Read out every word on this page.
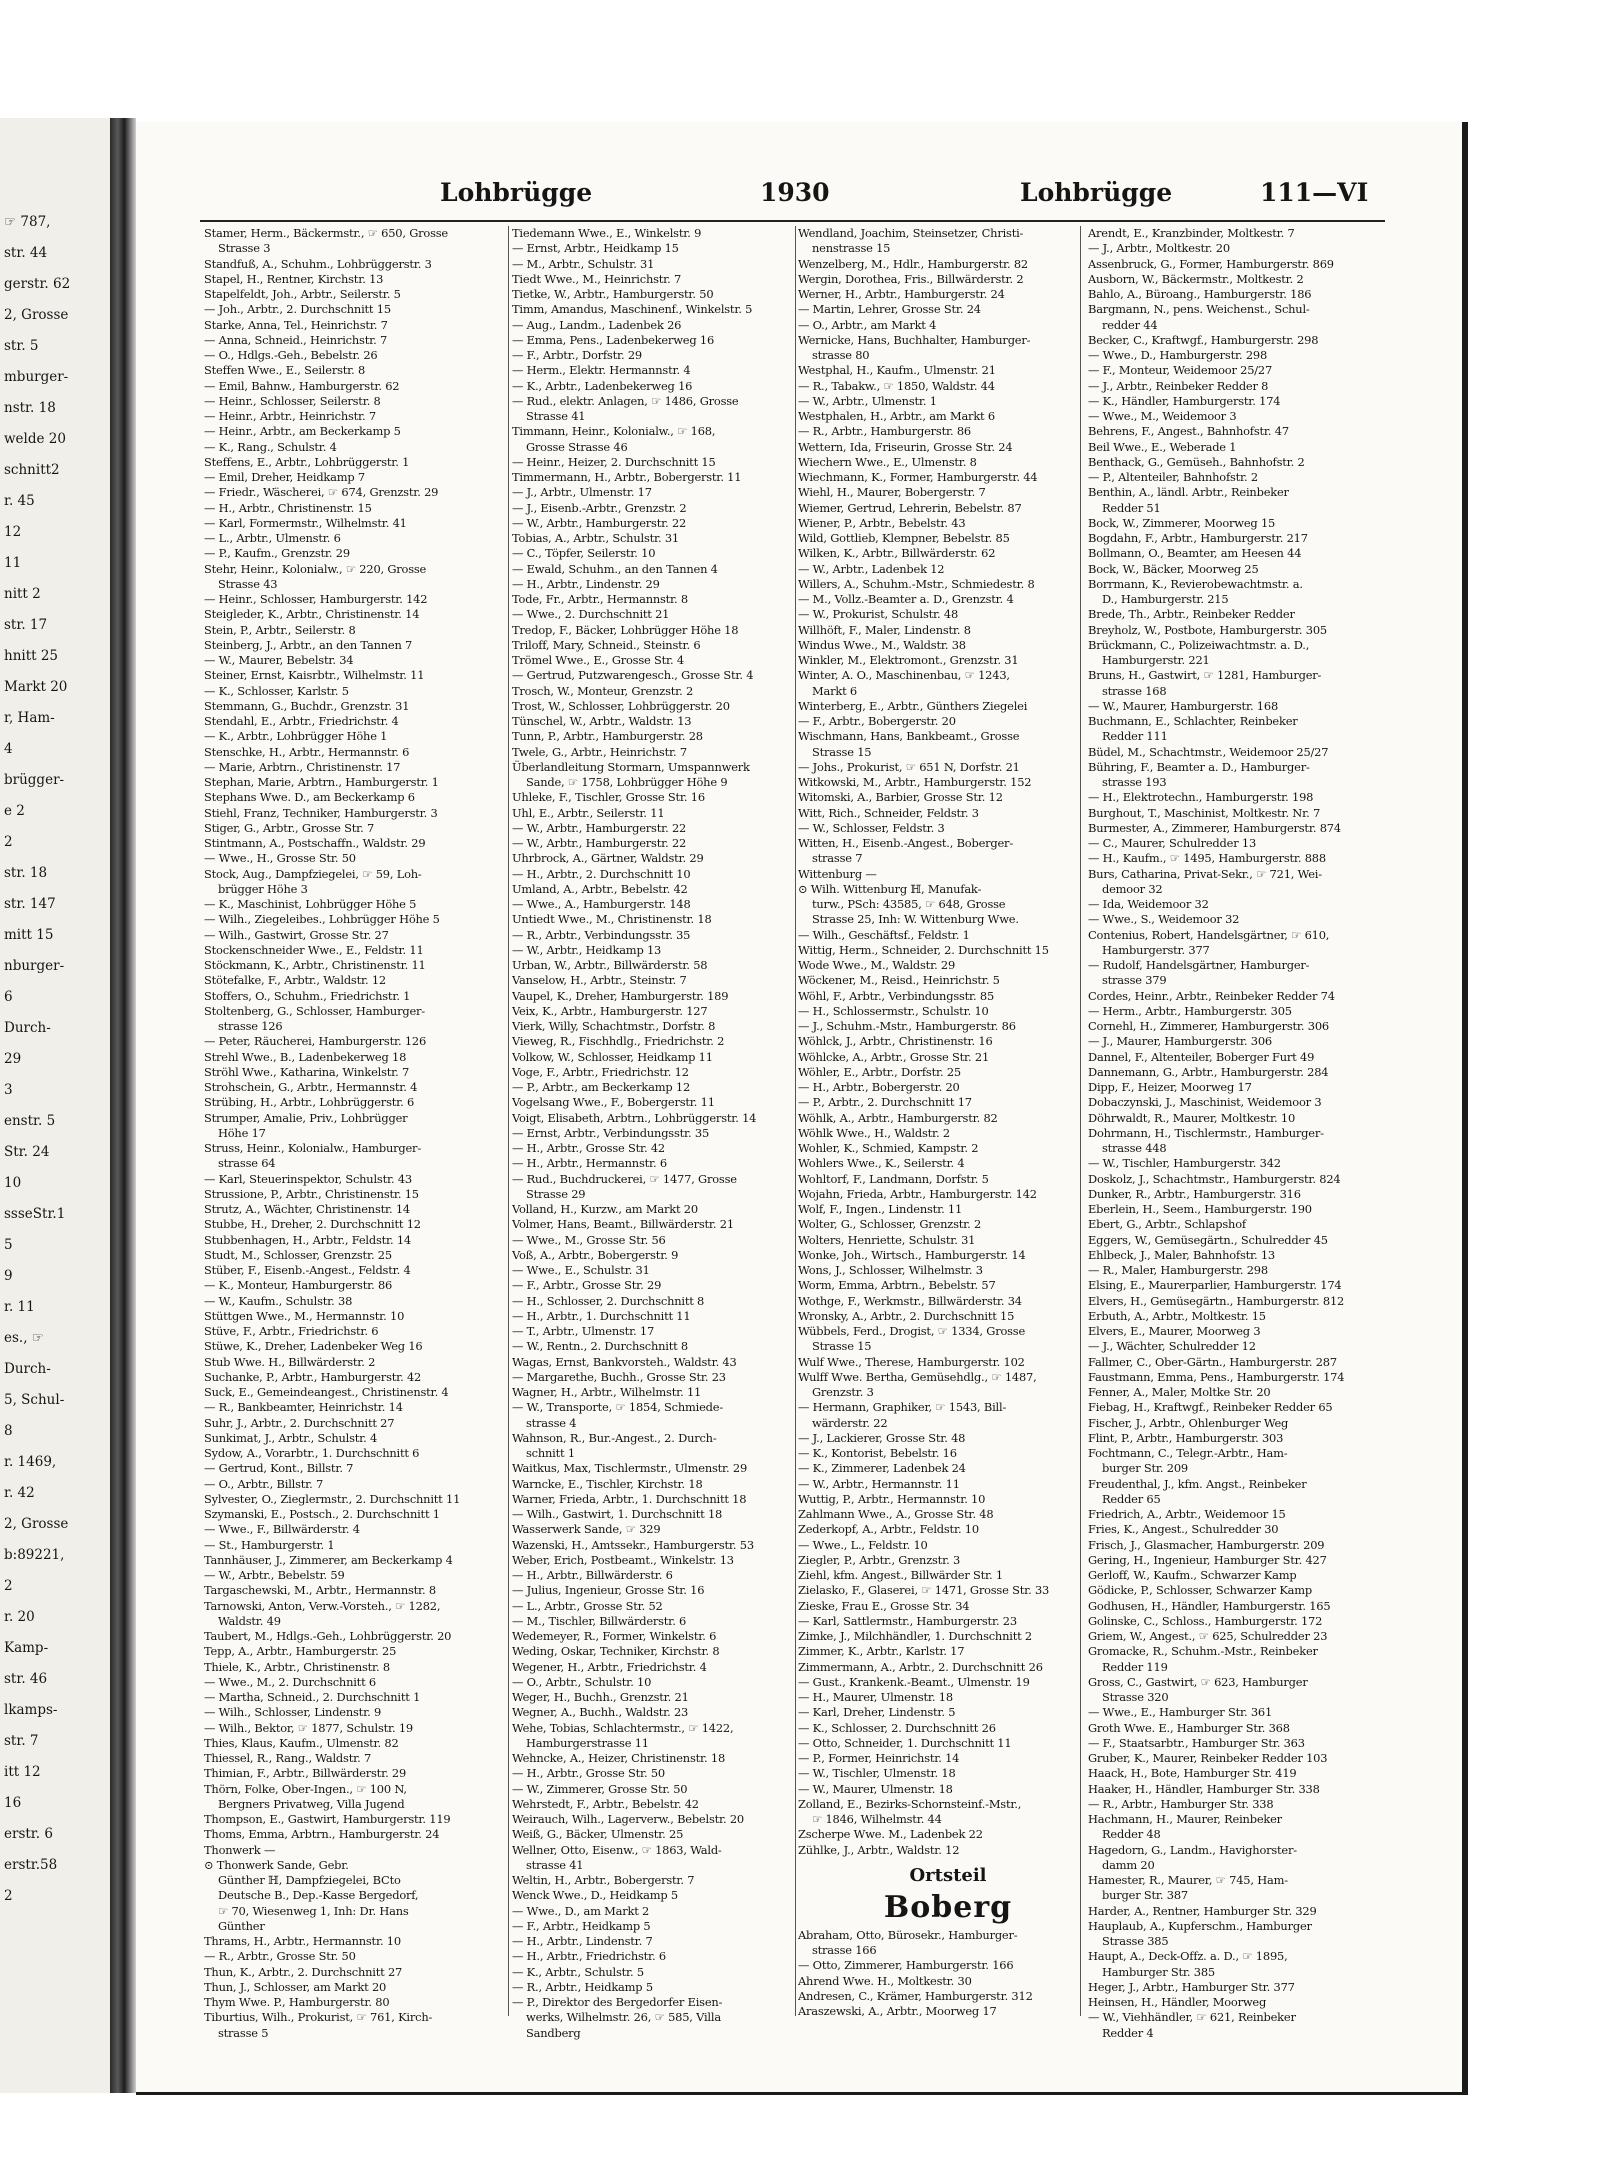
☞ 787,
str. 44
gerstr. 62
2, Grosse
str. 5
mburger-
nstr. 18
welde 20
schnitt2
r. 45
12
11
nitt 2
str. 17
hnitt 25
Markt 20
r, Ham-
4
brügger-
e 2
2
str. 18
str. 147
mitt 15
nburger-
6
Durch-
29
3
enstr. 5
Str. 24
10
ssseStr.1
5
9
r. 11
es., ☞
Durch-
5, Schul-
8
r. 1469,
r. 42
2, Grosse
b:89221,
2
r. 20
Kamp-
str. 46
lkamps-
str. 7
itt 12
16
erstr. 6
erstr.58
2
Lohbrügge	1930	Lohbrügge	111—VI
Stamer, Herm., Bäckermstr., ☞ 650, Grosse
Strasse 3
Standfuß, A., Schuhm., Lohbrüggerstr. 3
Stapel, H., Rentner, Kirchstr. 13
Stapelfeldt, Joh., Arbtr., Seilerstr. 5
— Joh., Arbtr., 2. Durchschnitt 15
Starke, Anna, Tel., Heinrichstr. 7
— Anna, Schneid., Heinrichstr. 7
— O., Hdlgs.-Geh., Bebelstr. 26
Steffen Wwe., E., Seilerstr. 8
— Emil, Bahnw., Hamburgerstr. 62
— Heinr., Schlosser, Seilerstr. 8
— Heinr., Arbtr., Heinrichstr. 7
— Heinr., Arbtr., am Beckerkamp 5
— K., Rang., Schulstr. 4
Steffens, E., Arbtr., Lohbrüggerstr. 1
— Emil, Dreher, Heidkamp 7
— Friedr., Wäscherei, ☞ 674, Grenzstr. 29
— H., Arbtr., Christinenstr. 15
— Karl, Formermstr., Wilhelmstr. 41
— L., Arbtr., Ulmenstr. 6
— P., Kaufm., Grenzstr. 29
Stehr, Heinr., Kolonialw., ☞ 220, Grosse
Strasse 43
— Heinr., Schlosser, Hamburgerstr. 142
Steigleder, K., Arbtr., Christinenstr. 14
Stein, P., Arbtr., Seilerstr. 8
Steinberg, J., Arbtr., an den Tannen 7
— W., Maurer, Bebelstr. 34
Steiner, Ernst, Kaisrbtr., Wilhelmstr. 11
— K., Schlosser, Karlstr. 5
Stemmann, G., Buchdr., Grenzstr. 31
Stendahl, E., Arbtr., Friedrichstr. 4
— K., Arbtr., Lohbrügger Höhe 1
Stenschke, H., Arbtr., Hermannstr. 6
— Marie, Arbtrn., Christinenstr. 17
Stephan, Marie, Arbtrn., Hamburgerstr. 1
Stephans Wwe. D., am Beckerkamp 6
Stiehl, Franz, Techniker, Hamburgerstr. 3
Stiger, G., Arbtr., Grosse Str. 7
Stintmann, A., Postschaffn., Waldstr. 29
— Wwe., H., Grosse Str. 50
Stock, Aug., Dampfziegelei, ☞ 59, Loh-
brügger Höhe 3
— K., Maschinist, Lohbrügger Höhe 5
— Wilh., Ziegeleibes., Lohbrügger Höhe 5
— Wilh., Gastwirt, Grosse Str. 27
Stockenschneider Wwe., E., Feldstr. 11
Stöckmann, K., Arbtr., Christinenstr. 11
Stötefalke, F., Arbtr., Waldstr. 12
Stoffers, O., Schuhm., Friedrichstr. 1
Stoltenberg, G., Schlosser, Hamburger-
strasse 126
— Peter, Räucherei, Hamburgerstr. 126
Strehl Wwe., B., Ladenbekerweg 18
Ströhl Wwe., Katharina, Winkelstr. 7
Strohschein, G., Arbtr., Hermannstr. 4
Strübing, H., Arbtr., Lohbrüggerstr. 6
Strumper, Amalie, Priv., Lohbrügger
Höhe 17
Struss, Heinr., Kolonialw., Hamburger-
strasse 64
— Karl, Steuerinspektor, Schulstr. 43
Strussione, P., Arbtr., Christinenstr. 15
Strutz, A., Wächter, Christinenstr. 14
Stubbe, H., Dreher, 2. Durchschnitt 12
Stubbenhagen, H., Arbtr., Feldstr. 14
Studt, M., Schlosser, Grenzstr. 25
Stüber, F., Eisenb.-Angest., Feldstr. 4
— K., Monteur, Hamburgerstr. 86
— W., Kaufm., Schulstr. 38
Stüttgen Wwe., M., Hermannstr. 10
Stüve, F., Arbtr., Friedrichstr. 6
Stüwe, K., Dreher, Ladenbeker Weg 16
Stub Wwe. H., Billwärderstr. 2
Suchanke, P., Arbtr., Hamburgerstr. 42
Suck, E., Gemeindeangest., Christinenstr. 4
— R., Bankbeamter, Heinrichstr. 14
Suhr, J., Arbtr., 2. Durchschnitt 27
Sunkimat, J., Arbtr., Schulstr. 4
Sydow, A., Vorarbtr., 1. Durchschnitt 6
— Gertrud, Kont., Billstr. 7
— O., Arbtr., Billstr. 7
Sylvester, O., Zieglermstr., 2. Durchschnitt 11
Szymanski, E., Postsch., 2. Durchschnitt 1
— Wwe., F., Billwärderstr. 4
— St., Hamburgerstr. 1
Tannhäuser, J., Zimmerer, am Beckerkamp 4
— W., Arbtr., Bebelstr. 59
Targaschewski, M., Arbtr., Hermannstr. 8
Tarnowski, Anton, Verw.-Vorsteh., ☞ 1282,
Waldstr. 49
Taubert, M., Hdlgs.-Geh., Lohbrüggerstr. 20
Tepp, A., Arbtr., Hamburgerstr. 25
Thiele, K., Arbtr., Christinenstr. 8
— Wwe., M., 2. Durchschnitt 6
— Martha, Schneid., 2. Durchschnitt 1
— Wilh., Schlosser, Lindenstr. 9
— Wilh., Bektor, ☞ 1877, Schulstr. 19
Thies, Klaus, Kaufm., Ulmenstr. 82
Thiessel, R., Rang., Waldstr. 7
Thimian, F., Arbtr., Billwärderstr. 29
Thörn, Folke, Ober-Ingen., ☞ 100 N,
Bergners Privatweg, Villa Jugend
Thompson, E., Gastwirt, Hamburgerstr. 119
Thoms, Emma, Arbtrn., Hamburgerstr. 24
Thonwerk —
⊙ Thonwerk Sande, Gebr.
Günther ℍ, Dampfziegelei, BCto
Deutsche B., Dep.-Kasse Bergedorf,
☞ 70, Wiesenweg 1, Inh: Dr. Hans
Günther
Thrams, H., Arbtr., Hermannstr. 10
— R., Arbtr., Grosse Str. 50
Thun, K., Arbtr., 2. Durchschnitt 27
Thun, J., Schlosser, am Markt 20
Thym Wwe. P., Hamburgerstr. 80
Tiburtius, Wilh., Prokurist, ☞ 761, Kirch-
strasse 5
Tiedemann Wwe., E., Winkelstr. 9
— Ernst, Arbtr., Heidkamp 15
— M., Arbtr., Schulstr. 31
Tiedt Wwe., M., Heinrichstr. 7
Tietke, W., Arbtr., Hamburgerstr. 50
Timm, Amandus, Maschinenf., Winkelstr. 5
— Aug., Landm., Ladenbek 26
— Emma, Pens., Ladenbekerweg 16
— F., Arbtr., Dorfstr. 29
— Herm., Elektr. Hermannstr. 4
— K., Arbtr., Ladenbekerweg 16
— Rud., elektr. Anlagen, ☞ 1486, Grosse
Strasse 41
Timmann, Heinr., Kolonialw., ☞ 168,
Grosse Strasse 46
— Heinr., Heizer, 2. Durchschnitt 15
Timmermann, H., Arbtr., Bobergerstr. 11
— J., Arbtr., Ulmenstr. 17
— J., Eisenb.-Arbtr., Grenzstr. 2
— W., Arbtr., Hamburgerstr. 22
Tobias, A., Arbtr., Schulstr. 31
— C., Töpfer, Seilerstr. 10
— Ewald, Schuhm., an den Tannen 4
— H., Arbtr., Lindenstr. 29
Tode, Fr., Arbtr., Hermannstr. 8
— Wwe., 2. Durchschnitt 21
Tredop, F., Bäcker, Lohbrügger Höhe 18
Triloff, Mary, Schneid., Steinstr. 6
Trömel Wwe., E., Grosse Str. 4
— Gertrud, Putzwarengesch., Grosse Str. 4
Trosch, W., Monteur, Grenzstr. 2
Trost, W., Schlosser, Lohbrüggerstr. 20
Tünschel, W., Arbtr., Waldstr. 13
Tunn, P., Arbtr., Hamburgerstr. 28
Twele, G., Arbtr., Heinrichstr. 7
Überlandleitung Stormarn, Umspannwerk
Sande, ☞ 1758, Lohbrügger Höhe 9
Uhleke, F., Tischler, Grosse Str. 16
Uhl, E., Arbtr., Seilerstr. 11
— W., Arbtr., Hamburgerstr. 22
— W., Arbtr., Hamburgerstr. 22
Uhrbrock, A., Gärtner, Waldstr. 29
— H., Arbtr., 2. Durchschnitt 10
Umland, A., Arbtr., Bebelstr. 42
— Wwe., A., Hamburgerstr. 148
Untiedt Wwe., M., Christinenstr. 18
— R., Arbtr., Verbindungsstr. 35
— W., Arbtr., Heidkamp 13
Urban, W., Arbtr., Billwärderstr. 58
Vanselow, H., Arbtr., Steinstr. 7
Vaupel, K., Dreher, Hamburgerstr. 189
Veix, K., Arbtr., Hamburgerstr. 127
Vierk, Willy, Schachtmstr., Dorfstr. 8
Vieweg, R., Fischhdlg., Friedrichstr. 2
Volkow, W., Schlosser, Heidkamp 11
Voge, F., Arbtr., Friedrichstr. 12
— P., Arbtr., am Beckerkamp 12
Vogelsang Wwe., F., Bobergerstr. 11
Voigt, Elisabeth, Arbtrn., Lohbrüggerstr. 14
— Ernst, Arbtr., Verbindungsstr. 35
— H., Arbtr., Grosse Str. 42
— H., Arbtr., Hermannstr. 6
— Rud., Buchdruckerei, ☞ 1477, Grosse
Strasse 29
Volland, H., Kurzw., am Markt 20
Volmer, Hans, Beamt., Billwärderstr. 21
— Wwe., M., Grosse Str. 56
Voß, A., Arbtr., Bobergerstr. 9
— Wwe., E., Schulstr. 31
— F., Arbtr., Grosse Str. 29
— H., Schlosser, 2. Durchschnitt 8
— H., Arbtr., 1. Durchschnitt 11
— T., Arbtr., Ulmenstr. 17
— W., Rentn., 2. Durchschnitt 8
Wagas, Ernst, Bankvorsteh., Waldstr. 43
— Margarethe, Buchh., Grosse Str. 23
Wagner, H., Arbtr., Wilhelmstr. 11
— W., Transporte, ☞ 1854, Schmiede-
strasse 4
Wahnson, R., Bur.-Angest., 2. Durch-
schnitt 1
Waitkus, Max, Tischlermstr., Ulmenstr. 29
Warncke, E., Tischler, Kirchstr. 18
Warner, Frieda, Arbtr., 1. Durchschnitt 18
— Wilh., Gastwirt, 1. Durchschnitt 18
Wasserwerk Sande, ☞ 329
Wazenski, H., Amtssekr., Hamburgerstr. 53
Weber, Erich, Postbeamt., Winkelstr. 13
— H., Arbtr., Billwärderstr. 6
— Julius, Ingenieur, Grosse Str. 16
— L., Arbtr., Grosse Str. 52
— M., Tischler, Billwärderstr. 6
Wedemeyer, R., Former, Winkelstr. 6
Weding, Oskar, Techniker, Kirchstr. 8
Wegener, H., Arbtr., Friedrichstr. 4
— O., Arbtr., Schulstr. 10
Weger, H., Buchh., Grenzstr. 21
Wegner, A., Buchh., Waldstr. 23
Wehe, Tobias, Schlachtermstr., ☞ 1422,
Hamburgerstrasse 11
Wehncke, A., Heizer, Christinenstr. 18
— H., Arbtr., Grosse Str. 50
— W., Zimmerer, Grosse Str. 50
Wehrstedt, F., Arbtr., Bebelstr. 42
Weirauch, Wilh., Lagerverw., Bebelstr. 20
Weiß, G., Bäcker, Ulmenstr. 25
Wellner, Otto, Eisenw., ☞ 1863, Wald-
strasse 41
Weltin, H., Arbtr., Bobergerstr. 7
Wenck Wwe., D., Heidkamp 5
— Wwe., D., am Markt 2
— F., Arbtr., Heidkamp 5
— H., Arbtr., Lindenstr. 7
— H., Arbtr., Friedrichstr. 6
— K., Arbtr., Schulstr. 5
— R., Arbtr., Heidkamp 5
— P., Direktor des Bergedorfer Eisen-
werks, Wilhelmstr. 26, ☞ 585, Villa
Sandberg
Wendland, Joachim, Steinsetzer, Christi-
nenstrasse 15
Wenzelberg, M., Hdlr., Hamburgerstr. 82
Wergin, Dorothea, Fris., Billwärderstr. 2
Werner, H., Arbtr., Hamburgerstr. 24
— Martin, Lehrer, Grosse Str. 24
— O., Arbtr., am Markt 4
Wernicke, Hans, Buchhalter, Hamburger-
strasse 80
Westphal, H., Kaufm., Ulmenstr. 21
— R., Tabakw., ☞ 1850, Waldstr. 44
— W., Arbtr., Ulmenstr. 1
Westphalen, H., Arbtr., am Markt 6
— R., Arbtr., Hamburgerstr. 86
Wettern, Ida, Friseurin, Grosse Str. 24
Wiechern Wwe., E., Ulmenstr. 8
Wiechmann, K., Former, Hamburgerstr. 44
Wiehl, H., Maurer, Bobergerstr. 7
Wiemer, Gertrud, Lehrerin, Bebelstr. 87
Wiener, P., Arbtr., Bebelstr. 43
Wild, Gottlieb, Klempner, Bebelstr. 85
Wilken, K., Arbtr., Billwärderstr. 62
— W., Arbtr., Ladenbek 12
Willers, A., Schuhm.-Mstr., Schmiedestr. 8
— M., Vollz.-Beamter a. D., Grenzstr. 4
— W., Prokurist, Schulstr. 48
Willhöft, F., Maler, Lindenstr. 8
Windus Wwe., M., Waldstr. 38
Winkler, M., Elektromont., Grenzstr. 31
Winter, A. O., Maschinenbau, ☞ 1243,
Markt 6
Winterberg, E., Arbtr., Günthers Ziegelei
— F., Arbtr., Bobergerstr. 20
Wischmann, Hans, Bankbeamt., Grosse
Strasse 15
— Johs., Prokurist, ☞ 651 N, Dorfstr. 21
Witkowski, M., Arbtr., Hamburgerstr. 152
Witomski, A., Barbier, Grosse Str. 12
Witt, Rich., Schneider, Feldstr. 3
— W., Schlosser, Feldstr. 3
Witten, H., Eisenb.-Angest., Boberger-
strasse 7
Wittenburg —
⊙ Wilh. Wittenburg ℍ, Manufak-
turw., PSch: 43585, ☞ 648, Grosse
Strasse 25, Inh: W. Wittenburg Wwe.
— Wilh., Geschäftsf., Feldstr. 1
Wittig, Herm., Schneider, 2. Durchschnitt 15
Wode Wwe., M., Waldstr. 29
Wöckener, M., Reisd., Heinrichstr. 5
Wöhl, F., Arbtr., Verbindungsstr. 85
— H., Schlossermstr., Schulstr. 10
— J., Schuhm.-Mstr., Hamburgerstr. 86
Wöhlck, J., Arbtr., Christinenstr. 16
Wöhlcke, A., Arbtr., Grosse Str. 21
Wöhler, E., Arbtr., Dorfstr. 25
— H., Arbtr., Bobergerstr. 20
— P., Arbtr., 2. Durchschnitt 17
Wöhlk, A., Arbtr., Hamburgerstr. 82
Wöhlk Wwe., H., Waldstr. 2
Wohler, K., Schmied, Kampstr. 2
Wohlers Wwe., K., Seilerstr. 4
Wohltorf, F., Landmann, Dorfstr. 5
Wojahn, Frieda, Arbtr., Hamburgerstr. 142
Wolf, F., Ingen., Lindenstr. 11
Wolter, G., Schlosser, Grenzstr. 2
Wolters, Henriette, Schulstr. 31
Wonke, Joh., Wirtsch., Hamburgerstr. 14
Wons, J., Schlosser, Wilhelmstr. 3
Worm, Emma, Arbtrn., Bebelstr. 57
Wothge, F., Werkmstr., Billwärderstr. 34
Wronsky, A., Arbtr., 2. Durchschnitt 15
Wübbels, Ferd., Drogist, ☞ 1334, Grosse
Strasse 15
Wulf Wwe., Therese, Hamburgerstr. 102
Wulff Wwe. Bertha, Gemüsehdlg., ☞ 1487,
Grenzstr. 3
— Hermann, Graphiker, ☞ 1543, Bill-
wärderstr. 22
— J., Lackierer, Grosse Str. 48
— K., Kontorist, Bebelstr. 16
— K., Zimmerer, Ladenbek 24
— W., Arbtr., Hermannstr. 11
Wuttig, P., Arbtr., Hermannstr. 10
Zahlmann Wwe., A., Grosse Str. 48
Zederkopf, A., Arbtr., Feldstr. 10
— Wwe., L., Feldstr. 10
Ziegler, P., Arbtr., Grenzstr. 3
Ziehl, kfm. Angest., Billwärder Str. 1
Zielasko, F., Glaserei, ☞ 1471, Grosse Str. 33
Zieske, Frau E., Grosse Str. 34
— Karl, Sattlermstr., Hamburgerstr. 23
Zimke, J., Milchhändler, 1. Durchschnitt 2
Zimmer, K., Arbtr., Karlstr. 17
Zimmermann, A., Arbtr., 2. Durchschnitt 26
— Gust., Krankenk.-Beamt., Ulmenstr. 19
— H., Maurer, Ulmenstr. 18
— Karl, Dreher, Lindenstr. 5
— K., Schlosser, 2. Durchschnitt 26
— Otto, Schneider, 1. Durchschnitt 11
— P., Former, Heinrichstr. 14
— W., Tischler, Ulmenstr. 18
— W., Maurer, Ulmenstr. 18
Zolland, E., Bezirks-Schornsteinf.-Mstr.,
☞ 1846, Wilhelmstr. 44
Zscherpe Wwe. M., Ladenbek 22
Zühlke, J., Arbtr., Waldstr. 12
Ortsteil
Boberg
Abraham, Otto, Bürosekr., Hamburger-
strasse 166
— Otto, Zimmerer, Hamburgerstr. 166
Ahrend Wwe. H., Moltkestr. 30
Andresen, C., Krämer, Hamburgerstr. 312
Araszewski, A., Arbtr., Moorweg 17
Arendt, E., Kranzbinder, Moltkestr. 7
— J., Arbtr., Moltkestr. 20
Assenbruck, G., Former, Hamburgerstr. 869
Ausborn, W., Bäckermstr., Moltkestr. 2
Bahlo, A., Büroang., Hamburgerstr. 186
Bargmann, N., pens. Weichenst., Schul-
redder 44
Becker, C., Kraftwgf., Hamburgerstr. 298
— Wwe., D., Hamburgerstr. 298
— F., Monteur, Weidemoor 25/27
— J., Arbtr., Reinbeker Redder 8
— K., Händler, Hamburgerstr. 174
— Wwe., M., Weidemoor 3
Behrens, F., Angest., Bahnhofstr. 47
Beil Wwe., E., Weberade 1
Benthack, G., Gemüseh., Bahnhofstr. 2
— P., Altenteiler, Bahnhofstr. 2
Benthin, A., ländl. Arbtr., Reinbeker
Redder 51
Bock, W., Zimmerer, Moorweg 15
Bogdahn, F., Arbtr., Hamburgerstr. 217
Bollmann, O., Beamter, am Heesen 44
Bock, W., Bäcker, Moorweg 25
Borrmann, K., Revierobewachtmstr. a.
D., Hamburgerstr. 215
Brede, Th., Arbtr., Reinbeker Redder
Breyholz, W., Postbote, Hamburgerstr. 305
Brückmann, C., Polizeiwachtmstr. a. D.,
Hamburgerstr. 221
Bruns, H., Gastwirt, ☞ 1281, Hamburger-
strasse 168
— W., Maurer, Hamburgerstr. 168
Buchmann, E., Schlachter, Reinbeker
Redder 111
Büdel, M., Schachtmstr., Weidemoor 25/27
Bühring, F., Beamter a. D., Hamburger-
strasse 193
— H., Elektrotechn., Hamburgerstr. 198
Burghout, T., Maschinist, Moltkestr. Nr. 7
Burmester, A., Zimmerer, Hamburgerstr. 874
— C., Maurer, Schulredder 13
— H., Kaufm., ☞ 1495, Hamburgerstr. 888
Burs, Catharina, Privat-Sekr., ☞ 721, Wei-
demoor 32
— Ida, Weidemoor 32
— Wwe., S., Weidemoor 32
Contenius, Robert, Handelsgärtner, ☞ 610,
Hamburgerstr. 377
— Rudolf, Handelsgärtner, Hamburger-
strasse 379
Cordes, Heinr., Arbtr., Reinbeker Redder 74
— Herm., Arbtr., Hamburgerstr. 305
Cornehl, H., Zimmerer, Hamburgerstr. 306
— J., Maurer, Hamburgerstr. 306
Dannel, F., Altenteiler, Boberger Furt 49
Dannemann, G., Arbtr., Hamburgerstr. 284
Dipp, F., Heizer, Moorweg 17
Dobaczynski, J., Maschinist, Weidemoor 3
Döhrwaldt, R., Maurer, Moltkestr. 10
Dohrmann, H., Tischlermstr., Hamburger-
strasse 448
— W., Tischler, Hamburgerstr. 342
Doskolz, J., Schachtmstr., Hamburgerstr. 824
Dunker, R., Arbtr., Hamburgerstr. 316
Eberlein, H., Seem., Hamburgerstr. 190
Ebert, G., Arbtr., Schlapshof
Eggers, W., Gemüsegärtn., Schulredder 45
Ehlbeck, J., Maler, Bahnhofstr. 13
— R., Maler, Hamburgerstr. 298
Elsing, E., Maurerparlier, Hamburgerstr. 174
Elvers, H., Gemüsegärtn., Hamburgerstr. 812
Erbuth, A., Arbtr., Moltkestr. 15
Elvers, E., Maurer, Moorweg 3
— J., Wächter, Schulredder 12
Fallmer, C., Ober-Gärtn., Hamburgerstr. 287
Faustmann, Emma, Pens., Hamburgerstr. 174
Fenner, A., Maler, Moltke Str. 20
Fiebag, H., Kraftwgf., Reinbeker Redder 65
Fischer, J., Arbtr., Ohlenburger Weg
Flint, P., Arbtr., Hamburgerstr. 303
Fochtmann, C., Telegr.-Arbtr., Ham-
burger Str. 209
Freudenthal, J., kfm. Angst., Reinbeker
Redder 65
Friedrich, A., Arbtr., Weidemoor 15
Fries, K., Angest., Schulredder 30
Frisch, J., Glasmacher, Hamburgerstr. 209
Gering, H., Ingenieur, Hamburger Str. 427
Gerloff, W., Kaufm., Schwarzer Kamp
Gödicke, P., Schlosser, Schwarzer Kamp
Godhusen, H., Händler, Hamburgerstr. 165
Golinske, C., Schloss., Hamburgerstr. 172
Griem, W., Angest., ☞ 625, Schulredder 23
Gromacke, R., Schuhm.-Mstr., Reinbeker
Redder 119
Gross, C., Gastwirt, ☞ 623, Hamburger
Strasse 320
— Wwe., E., Hamburger Str. 361
Groth Wwe. E., Hamburger Str. 368
— F., Staatsarbtr., Hamburger Str. 363
Gruber, K., Maurer, Reinbeker Redder 103
Haack, H., Bote, Hamburger Str. 419
Haaker, H., Händler, Hamburger Str. 338
— R., Arbtr., Hamburger Str. 338
Hachmann, H., Maurer, Reinbeker
Redder 48
Hagedorn, G., Landm., Havighorster-
damm 20
Hamester, R., Maurer, ☞ 745, Ham-
burger Str. 387
Harder, A., Rentner, Hamburger Str. 329
Hauplaub, A., Kupferschm., Hamburger
Strasse 385
Haupt, A., Deck-Offz. a. D., ☞ 1895,
Hamburger Str. 385
Heger, J., Arbtr., Hamburger Str. 377
Heinsen, H., Händler, Moorweg
— W., Viehhändler, ☞ 621, Reinbeker
Redder 4
